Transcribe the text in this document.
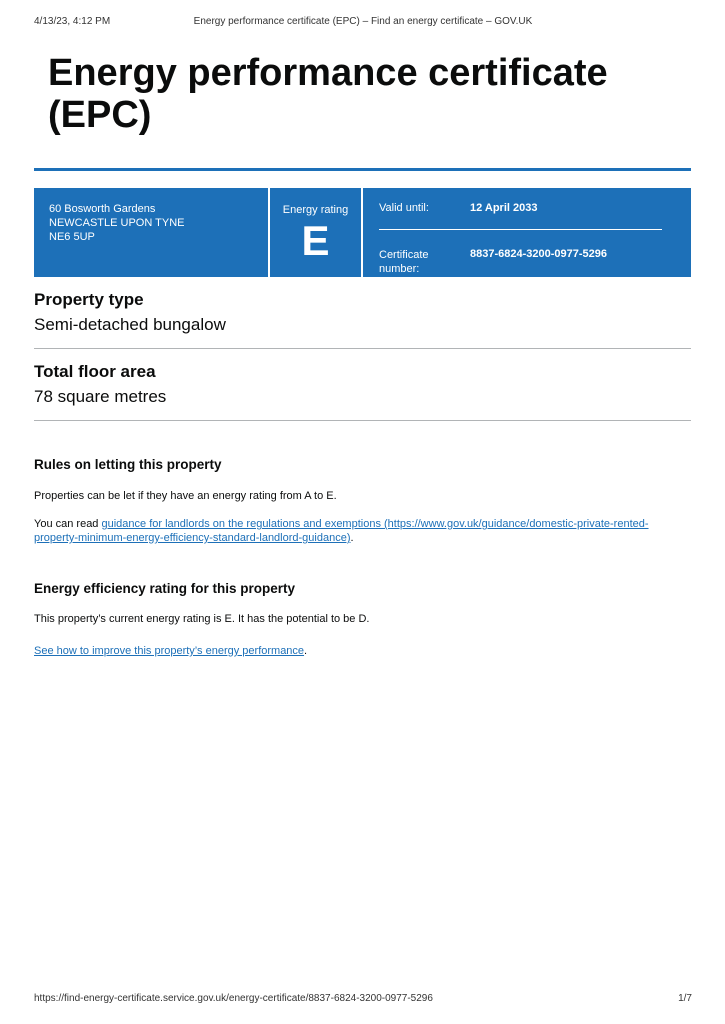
4/13/23, 4:12 PM	Energy performance certificate (EPC) – Find an energy certificate – GOV.UK
Energy performance certificate
(EPC)
60 Bosworth Gardens
NEWCASTLE UPON TYNE
NE6 5UP
Energy rating
E
Valid until:	12 April 2033
Certificate number:
8837-6824-3200-0977-5296
Property type
Semi-detached bungalow
Total floor area
78 square metres
Rules on letting this property
Properties can be let if they have an energy rating from A to E.
You can read guidance for landlords on the regulations and exemptions (https://www.gov.uk/guidance/domestic-private-rented-property-minimum-energy-efficiency-standard-landlord-guidance).
Energy efficiency rating for this property
This property’s current energy rating is E. It has the potential to be D.
See how to improve this property’s energy performance.
https://find-energy-certificate.service.gov.uk/energy-certificate/8837-6824-3200-0977-5296	1/7
